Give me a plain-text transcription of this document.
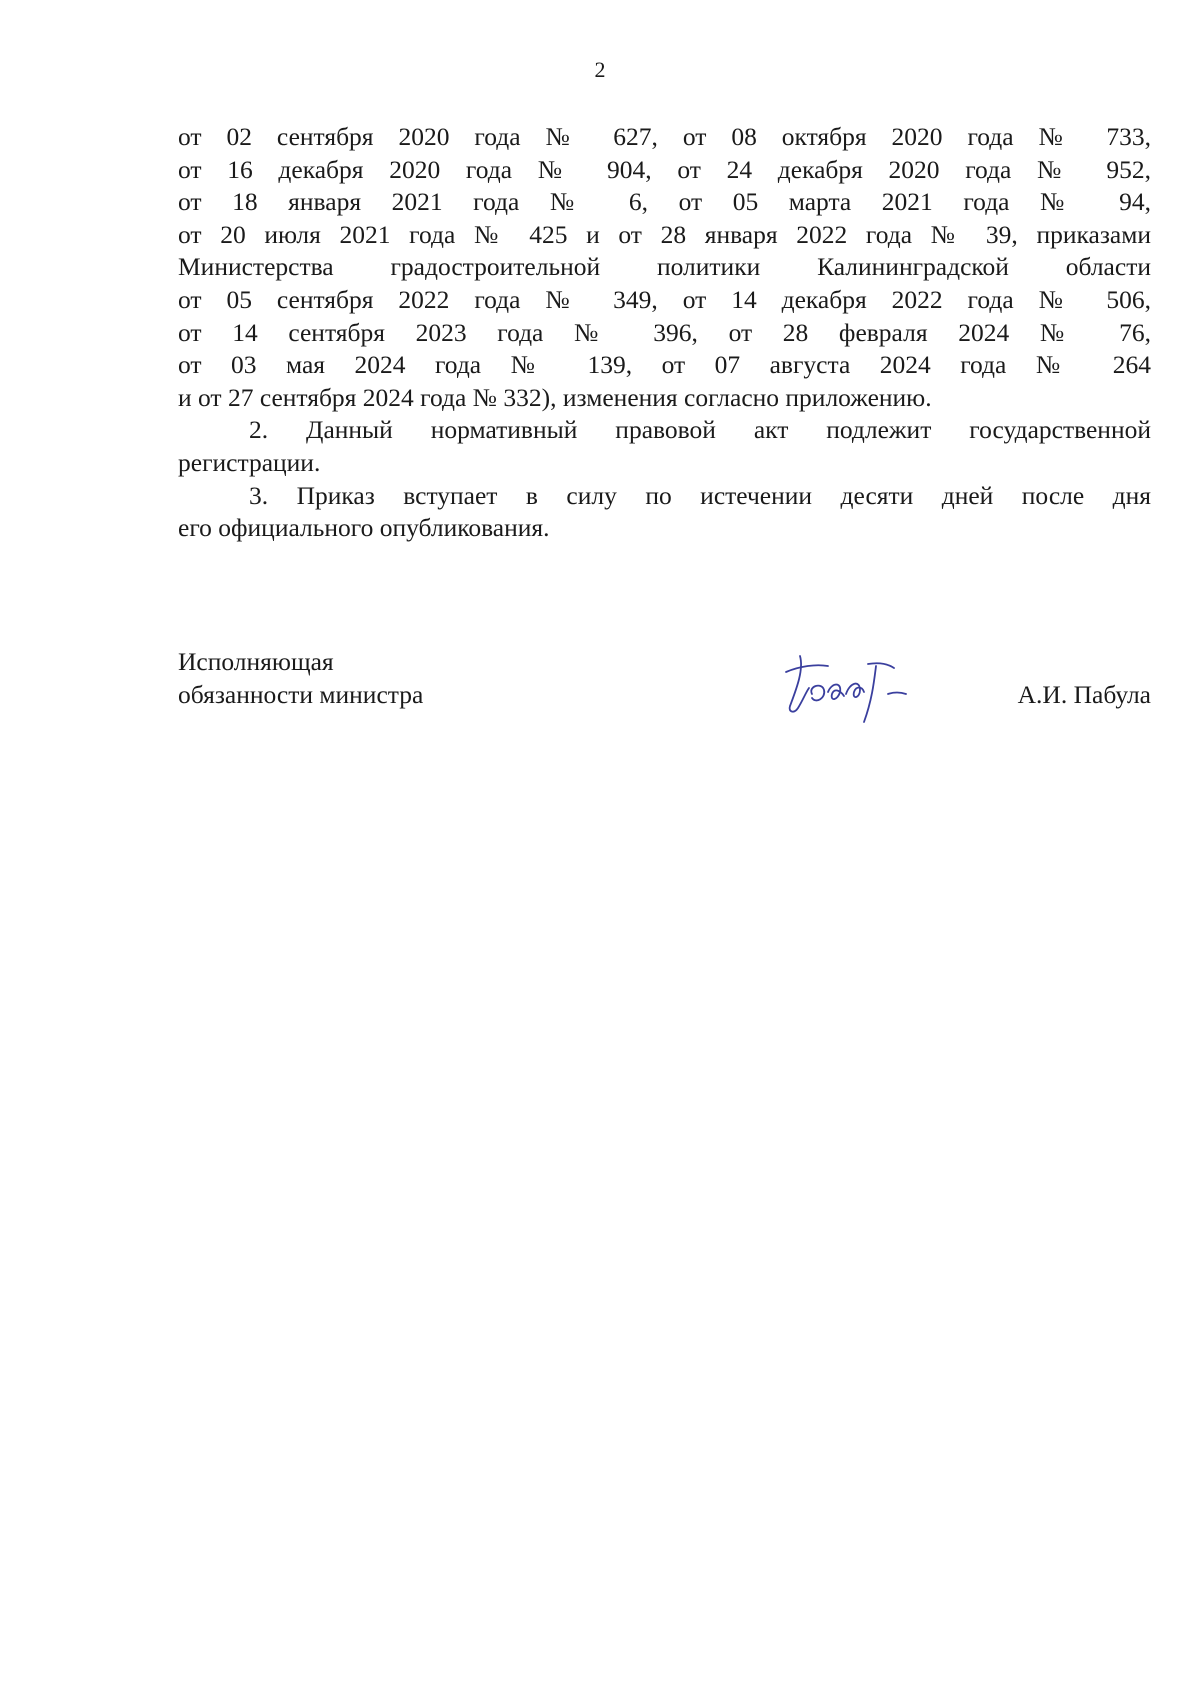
2
от 02 сентября 2020 года № 627, от 08 октября 2020 года № 733,
от 16 декабря 2020 года № 904, от 24 декабря 2020 года № 952,
от 18 января 2021 года № 6, от 05 марта 2021 года № 94,
от 20 июля 2021 года № 425 и от 28 января 2022 года № 39, приказами
Министерства градостроительной политики Калининградской области
от 05 сентября 2022 года № 349, от 14 декабря 2022 года № 506,
от 14 сентября 2023 года № 396, от 28 февраля 2024 № 76,
от 03 мая 2024 года № 139, от 07 августа 2024 года № 264
и от 27 сентября 2024 года № 332), изменения согласно приложению.
2. Данный нормативный правовой акт подлежит государственной
регистрации.
3. Приказ вступает в силу по истечении десяти дней после дня
его официального опубликования.
Исполняющая
обязанности министра	А.И. Пабула
